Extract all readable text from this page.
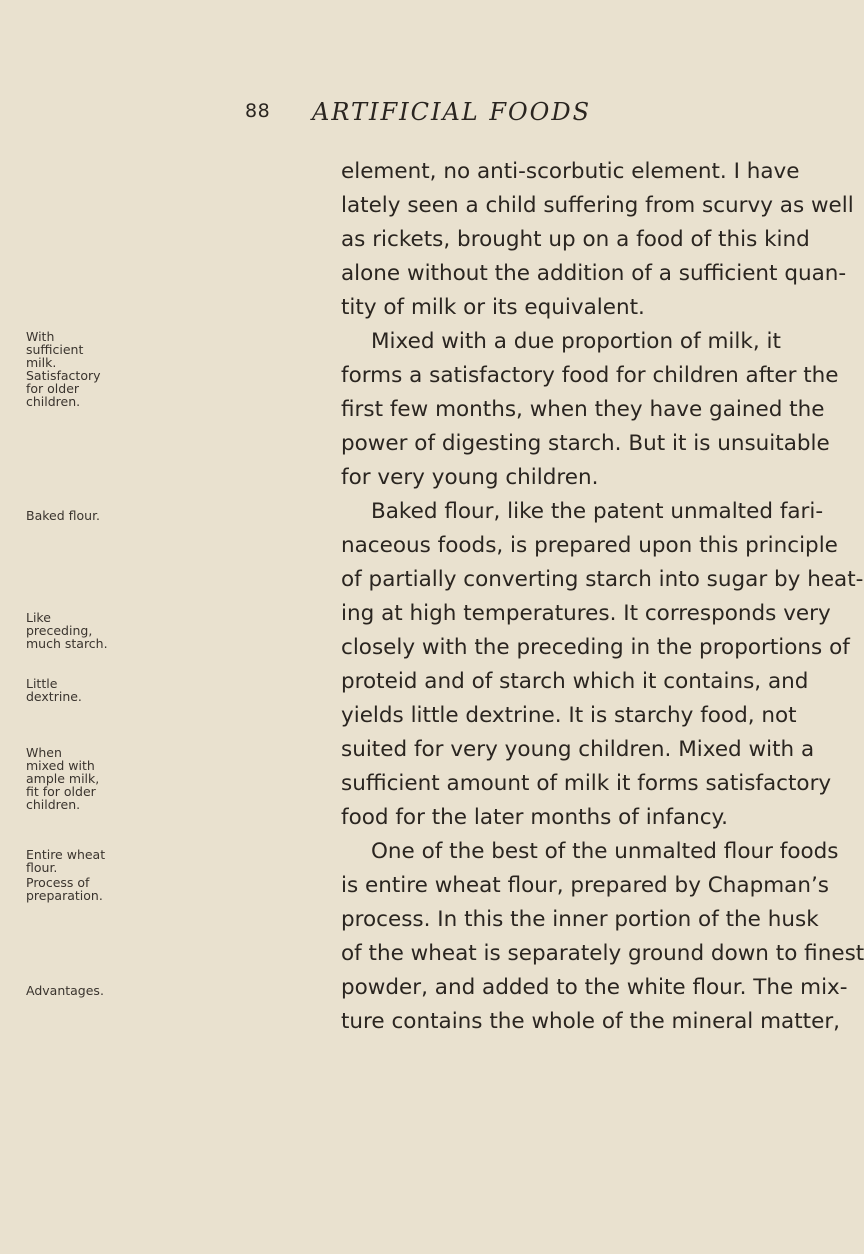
88 ARTIFICIAL FOODS
element, no anti-scorbutic element. I have
lately seen a child suffering from scurvy as well
as rickets, brought up on a food of this kind
alone without the addition of a sufficient quan-
tity of milk or its equivalent.
Mixed with a due proportion of milk, it
forms a satisfactory food for children after the
first few months, when they have gained the
power of digesting starch. But it is unsuitable
for very young children.
Baked flour, like the patent unmalted fari-
naceous foods, is prepared upon this principle
of partially converting starch into sugar by heat-
ing at high temperatures. It corresponds very
closely with the preceding in the proportions of
proteid and of starch which it contains, and
yields little dextrine. It is starchy food, not
suited for very young children. Mixed with a
sufficient amount of milk it forms satisfactory
food for the later months of infancy.
One of the best of the unmalted flour foods
is entire wheat flour, prepared by Chapman’s
process. In this the inner portion of the husk
of the wheat is separately ground down to finest
powder, and added to the white flour. The mix-
ture contains the whole of the mineral matter,
With
sufficient
milk.
Satisfactory
for older
children.
Baked flour.
Like
preceding,
much starch.
Little
dextrine.
When
mixed with
ample milk,
fit for older
children.
Entire wheat
flour.
Process of
preparation.
Advantages.
